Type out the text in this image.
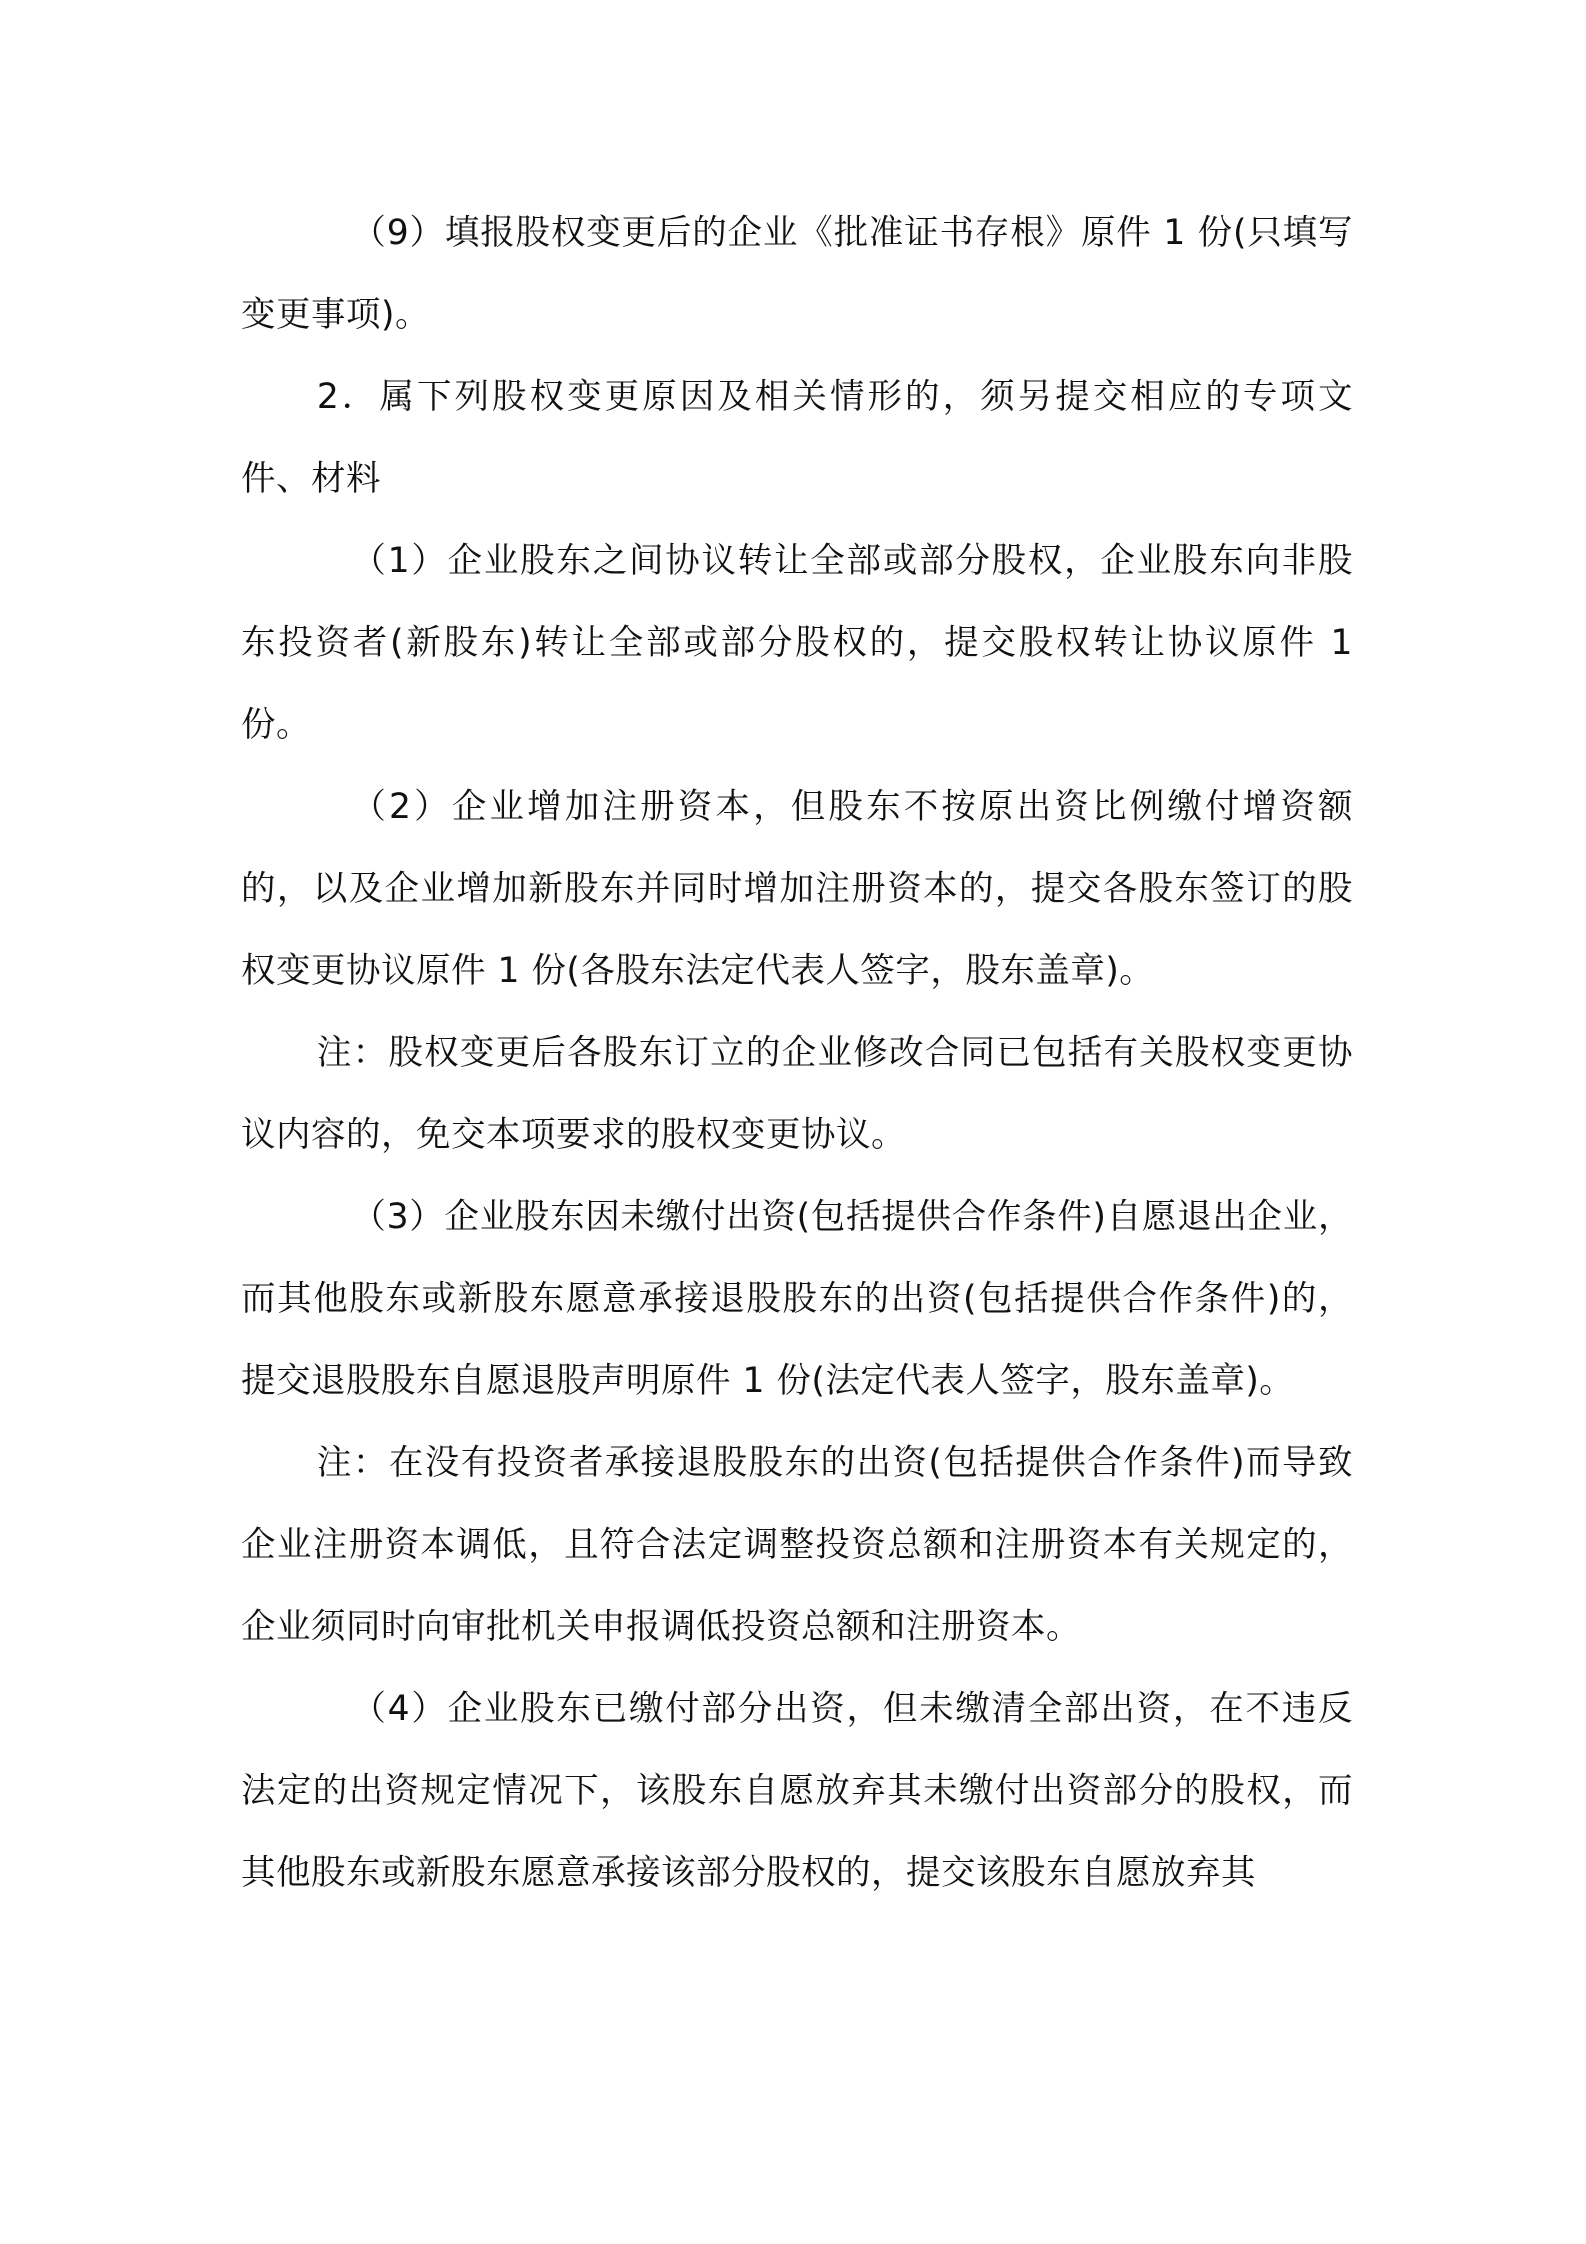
（9）填报股权变更后的企业《批准证书存根》原件 1 份(只填写变更事项)。

2．属下列股权变更原因及相关情形的，须另提交相应的专项文件、材料

（1）企业股东之间协议转让全部或部分股权，企业股东向非股东投资者(新股东)转让全部或部分股权的，提交股权转让协议原件 1 份。

（2）企业增加注册资本，但股东不按原出资比例缴付增资额的，以及企业增加新股东并同时增加注册资本的，提交各股东签订的股权变更协议原件 1 份(各股东法定代表人签字，股东盖章)。

注：股权变更后各股东订立的企业修改合同已包括有关股权变更协议内容的，免交本项要求的股权变更协议。

（3）企业股东因未缴付出资(包括提供合作条件)自愿退出企业，而其他股东或新股东愿意承接退股股东的出资(包括提供合作条件)的，提交退股股东自愿退股声明原件 1 份(法定代表人签字，股东盖章)。

注：在没有投资者承接退股股东的出资(包括提供合作条件)而导致企业注册资本调低，且符合法定调整投资总额和注册资本有关规定的，企业须同时向审批机关申报调低投资总额和注册资本。

（4）企业股东已缴付部分出资，但未缴清全部出资，在不违反法定的出资规定情况下，该股东自愿放弃其未缴付出资部分的股权，而其他股东或新股东愿意承接该部分股权的，提交该股东自愿放弃其
